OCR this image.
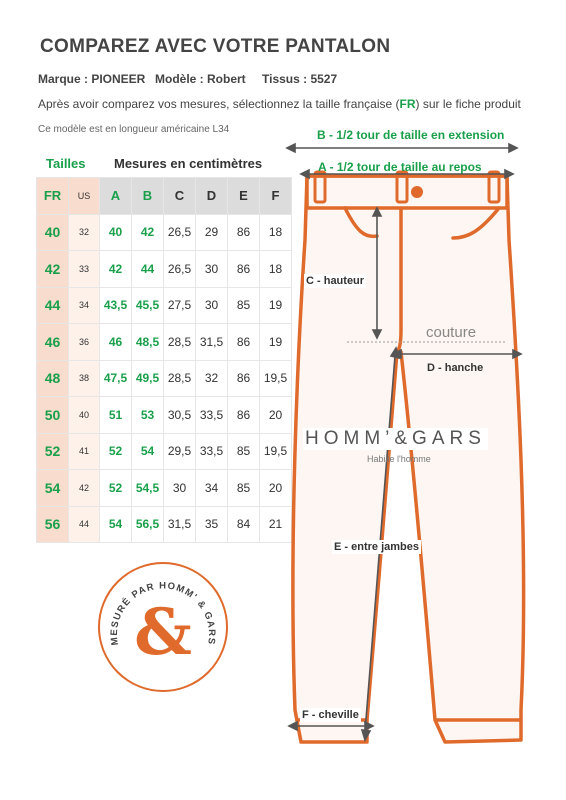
COMPAREZ AVEC VOTRE PANTALON
Marque : PIONEER Modèle : Robert Tissus : 5527
Après avoir comparez vos mesures, sélectionnez la taille française (FR) sur le fiche produit
Ce modèle est en longueur américaine L34
Tailles Mesures en centimètres
FR	US	A	B	C	D	E	F
40	32	40	42	26,5	29	86	18
42	33	42	44	26,5	30	86	18
44	34	43,5	45,5	27,5	30	85	19
46	36	46	48,5	28,5	31,5	86	19
48	38	47,5	49,5	28,5	32	86	19,5
50	40	51	53	30,5	33,5	86	20
52	41	52	54	29,5	33,5	85	19,5
54	42	52	54,5	30	34	85	20
56	44	54	56,5	31,5	35	84	21
MESURÉ PAR HOMM' & GARS
&
B - 1/2 tour de taille en extension
A - 1/2 tour de taille au repos
C - hauteur
couture
D - hanche
HOMM’&GARS
Habille l'homme
E - entre jambes
F - cheville
